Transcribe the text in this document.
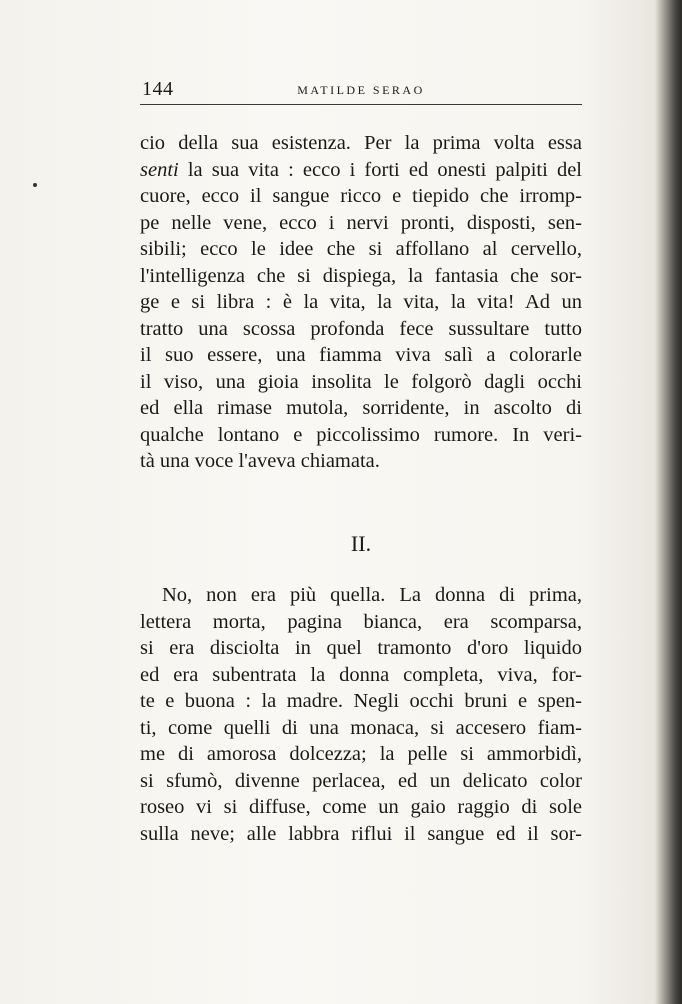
144	MATILDE SERAO
cio della sua esistenza. Per la prima volta essa
senti la sua vita : ecco i forti ed onesti palpiti del
cuore, ecco il sangue ricco e tiepido che irromp-
pe nelle vene, ecco i nervi pronti, disposti, sen-
sibili; ecco le idee che si affollano al cervello,
l'intelligenza che si dispiega, la fantasia che sor-
ge e si libra : è la vita, la vita, la vita! Ad un
tratto una scossa profonda fece sussultare tutto
il suo essere, una fiamma viva salì a colorarle
il viso, una gioia insolita le folgorò dagli occhi
ed ella rimase mutola, sorridente, in ascolto di
qualche lontano e piccolissimo rumore. In veri-
tà una voce l'aveva chiamata.
II.
No, non era più quella. La donna di prima,
lettera morta, pagina bianca, era scomparsa,
si era disciolta in quel tramonto d'oro liquido
ed era subentrata la donna completa, viva, for-
te e buona : la madre. Negli occhi bruni e spen-
ti, come quelli di una monaca, si accesero fiam-
me di amorosa dolcezza; la pelle si ammorbidì,
si sfumò, divenne perlacea, ed un delicato color
roseo vi si diffuse, come un gaio raggio di sole
sulla neve; alle labbra riflui il sangue ed il sor-
